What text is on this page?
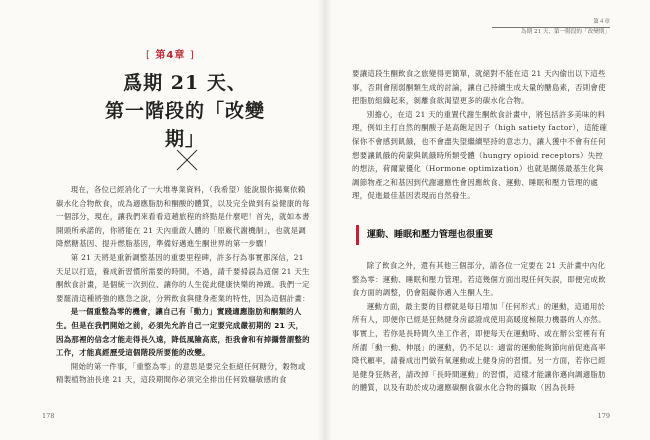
[ 第4章 ]
爲期 21 天、
第一階段的「改變期」

現在，各位已經消化了一大堆專業資料，（我希望）能說服你揚棄依賴碳水化合物飲食，成為適應脂肪和酮酸的體質，以及完全做到有益健康的每一個部分，現在，讓我們來看看這趟旅程的終點是什麼吧！首先，就如本書開頭所承諾的，你將能在 21 天內重啟人體的「原廠代謝機制」，也就是調降燃糖基因、提升燃脂基因，準備好邁進生酮世界的第一步驟！

第 21 天將是重新調整基因的重要里程碑，許多行為事實都深信，21 天足以打造，養成新習慣所需要的時間，不過，請千要掃誤為這個 21 天生酮飲食計畫，是個統一次到位、讓你的人生從此健康快樂的神蹟。我們一定要罷清這種將強的應急之說，分辨飲食與健身產業的特性，因為這個計畫：

是一個重整為零的機會，讓自己有「動力」實踐適應脂肪和酮類的人生。但是在我們開始之前，必須先允許自己一定要完成嚴初期的 21 天，因為那裡的信念才能走得長久遠，降低風險高底，拒我會和有掉攝營謂整的工作，才能真經歷受這個階段所要能的改變。

開始的第一件事，「重整為零」的意思是要完全拒絕任何糖分，穀物或精製植物油長達 21 天，這段期間你必須完全排出任何致癮敏感的食

178
第４章
為期 21 天、第一階段的「改變期」

要讓這段生酮飲食之旅變得更簡單，就絕對不能在這 21 天內偷出以下這些事，否則會削弱酮類生成的討論，讓自己持續生成大量的醣島素，否則會使把脂肪組織起來，剝離食欲渴望更多的碳水化合物。

別擔心，在這 21 天的重置代謝生酮飲食計畫中，將包括許多美味的料理，例如主打自然的酮酸子是高飽足因子（high satiety factor），這能確保你不會感到飢餓，也不會盡失望繼續堅持的意志力，讓人獲中不會有任何想要讓飢餓的荷蒙與飢餓時所類受體（hungry opioid receptors）失控的想法，荷爾蒙優化（Hormone optimization）也就是關係最基生化與調節物產之和基因到代謝適應性會因應飲食、運動、睡眠和壓力管理的處理，促進最佳基因表現而自然發生。

運動、睡眠和壓力管理也很重要

除了飲食之外，還有其他三個部分，請各位一定要在 21 天計畫中內化整為零：運動、睡眠和壓力管理。若這幾個方面出現任何失誤，即便完成飲食方面的調整，仍會阻礙你邁入生酮人生。

運動方面，最主要的目標就是每日增加「任何形式」的運動，這通用於所有人，即便你已經是狂熱健身房認證成使用高暖度極限力機器的人亦然。事實上，若你是長時間久坐工作者，即便每天在運動時、或在辦公室裡有有所謂「動一動、伸展」的運動，仍不足以：適當的運動能夠節向前促進高率降代顧率，請養成出門做有氧運動或上健身房的習慣。另一方面，若你已經是健身狂熱者，請改掉「長時間運動」的習慣，這樣才能讓你邁向調適脂肪的體質，以及有助於成功適應碳酮食碳水化合物的攝取（因為長時

179
